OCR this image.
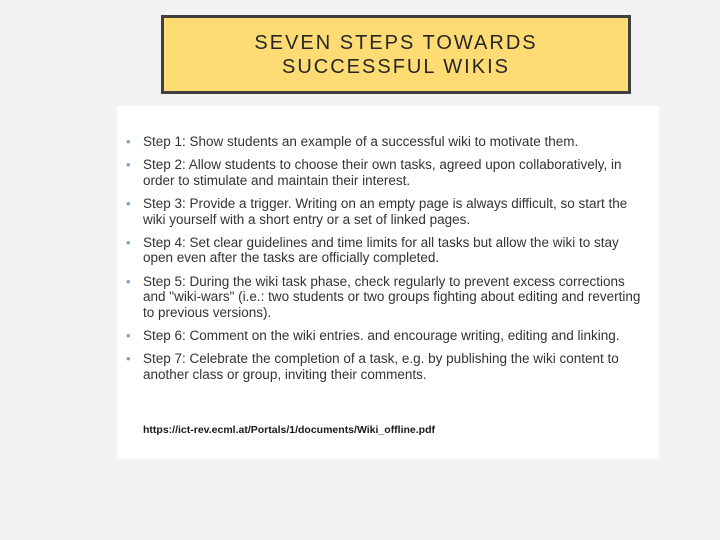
SEVEN STEPS TOWARDS
SUCCESSFUL WIKIS
• Step 1: Show students an example of a successful wiki to motivate them.
• Step 2: Allow students to choose their own tasks, agreed upon collaboratively, in order to stimulate and maintain their interest.
• Step 3: Provide a trigger. Writing on an empty page is always difficult, so start the wiki yourself with a short entry or a set of linked pages.
• Step 4: Set clear guidelines and time limits for all tasks but allow the wiki to stay open even after the tasks are officially completed.
• Step 5: During the wiki task phase, check regularly to prevent excess corrections and "wiki-wars" (i.e.: two students or two groups fighting about editing and reverting to previous versions).
• Step 6: Comment on the wiki entries. and encourage writing, editing and linking.
• Step 7: Celebrate the completion of a task, e.g. by publishing the wiki content to another class or group, inviting their comments.
https://ict-rev.ecml.at/Portals/1/documents/Wiki_offline.pdf
